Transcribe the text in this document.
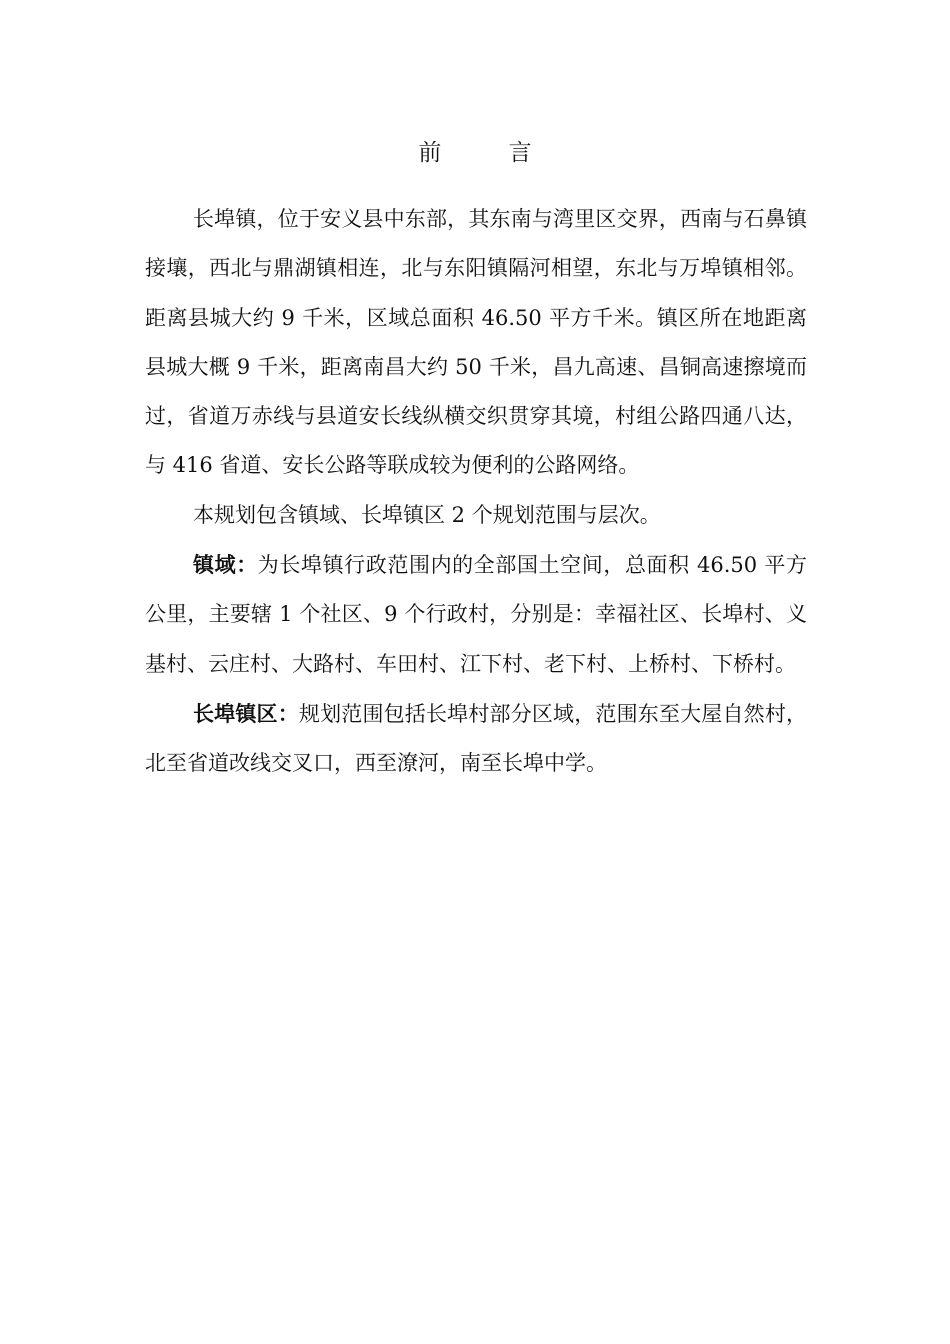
前 言

长埠镇，位于安义县中东部，其东南与湾里区交界，西南与石鼻镇接壤，西北与鼎湖镇相连，北与东阳镇隔河相望，东北与万埠镇相邻。距离县城大约 9 千米，区域总面积 46.50 平方千米。镇区所在地距离县城大概 9 千米，距离南昌大约 50 千米，昌九高速、昌铜高速擦境而过，省道万赤线与县道安长线纵横交织贯穿其境，村组公路四通八达，与 416 省道、安长公路等联成较为便利的公路网络。

本规划包含镇域、长埠镇区 2 个规划范围与层次。

镇域：为长埠镇行政范围内的全部国土空间，总面积 46.50 平方公里，主要辖 1 个社区、9 个行政村，分别是：幸福社区、长埠村、义基村、云庄村、大路村、车田村、江下村、老下村、上桥村、下桥村。

长埠镇区：规划范围包括长埠村部分区域，范围东至大屋自然村，北至省道改线交叉口，西至潦河，南至长埠中学。
